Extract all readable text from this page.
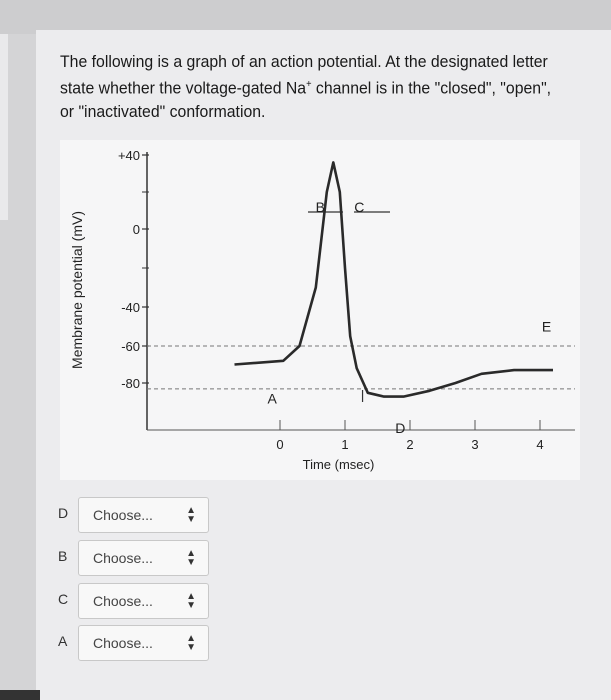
The following is a graph of an action potential. At the designated letter state whether the voltage-gated Na+ channel is in the "closed", "open", or "inactivated" conformation.
+40
0
-40
-60
-80
0	1	2	3	4
A
B C
D
E
Time (msec)
Membrane potential (mV)
D Choose...	▲
▼
B Choose...	▲
▼
C Choose...	▲
▼
A Choose...	▲
▼
